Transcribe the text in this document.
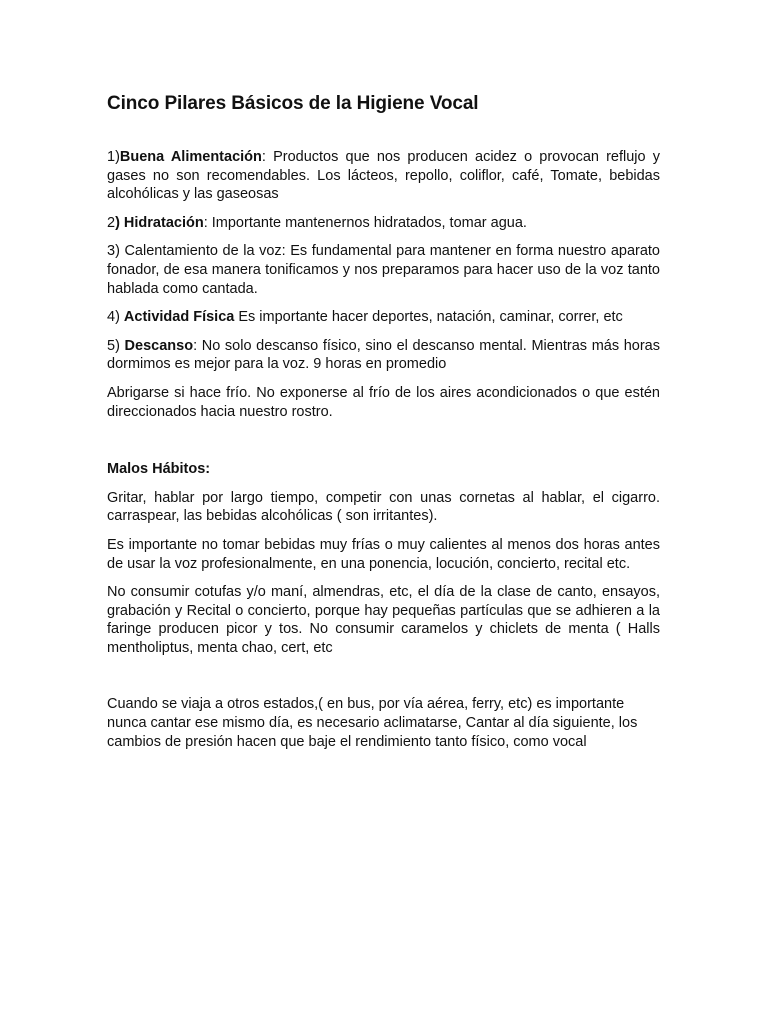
Cinco Pilares Básicos de la Higiene Vocal

1)Buena Alimentación: Productos que nos producen acidez o provocan reflujo y gases no son recomendables. Los lácteos, repollo, coliflor, café, Tomate, bebidas alcohólicas y las gaseosas

2) Hidratación: Importante mantenernos hidratados, tomar agua.

3) Calentamiento de la voz: Es fundamental para mantener en forma nuestro aparato fonador, de esa manera tonificamos y nos preparamos para hacer uso de la voz tanto hablada como cantada.

4) Actividad Física Es importante hacer deportes, natación, caminar, correr, etc

5) Descanso: No solo descanso físico, sino el descanso mental. Mientras más horas dormimos es mejor para la voz. 9 horas en promedio

Abrigarse si hace frío. No exponerse al frío de los aires acondicionados o que estén direccionados hacia nuestro rostro.

Malos Hábitos:

Gritar, hablar por largo tiempo, competir con unas cornetas al hablar, el cigarro. carraspear, las bebidas alcohólicas ( son irritantes).

Es importante no tomar bebidas muy frías o muy calientes al menos dos horas antes de usar la voz profesionalmente, en una ponencia, locución, concierto, recital etc.

No consumir cotufas y/o maní, almendras, etc, el día de la clase de canto, ensayos, grabación y Recital o concierto, porque hay pequeñas partículas que se adhieren a la faringe producen picor y tos. No consumir caramelos y chiclets de menta ( Halls mentholiptus, menta chao, cert, etc

Cuando se viaja a otros estados,( en bus, por vía aérea, ferry, etc) es importante nunca cantar ese mismo día, es necesario aclimatarse, Cantar al día siguiente, los cambios de presión hacen que baje el rendimiento tanto físico, como vocal
